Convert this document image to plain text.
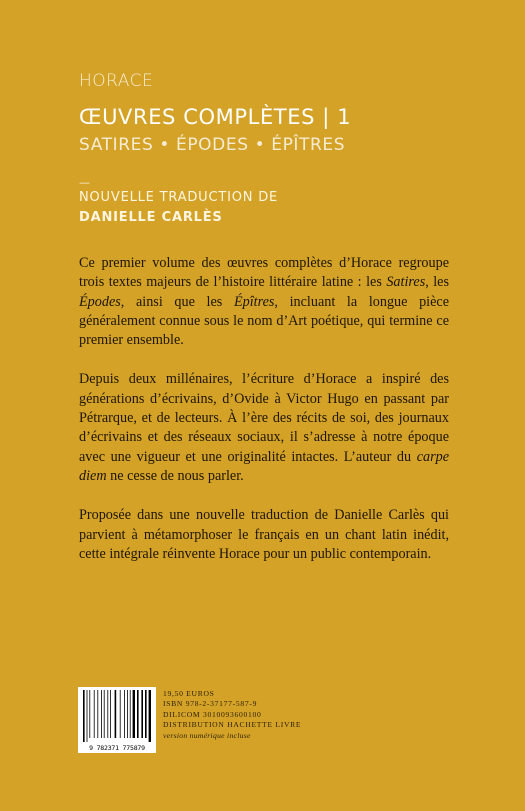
HORACE
ŒUVRES COMPLÈTES | 1
SATIRES • ÉPODES • ÉPÎTRES
—
NOUVELLE TRADUCTION DE
DANIELLE CARLÈS

Ce premier volume des œuvres complètes d’Horace regroupe trois textes majeurs de l’histoire littéraire latine : les Satires, les Épodes, ainsi que les Épîtres, incluant la longue pièce généralement connue sous le nom d’Art poétique, qui termine ce premier ensemble.

Depuis deux millénaires, l’écriture d’Horace a inspiré des générations d’écrivains, d’Ovide à Victor Hugo en passant par Pétrarque, et de lecteurs. À l’ère des récits de soi, des journaux d’écrivains et des réseaux sociaux, il s’adresse à notre époque avec une vigueur et une originalité intactes. L’auteur du carpe diem ne cesse de nous parler.

Proposée dans une nouvelle traduction de Danielle Carlès qui parvient à métamorphoser le français en un chant latin inédit, cette intégrale réinvente Horace pour un public contemporain.

9 782371 775879
19,50 EUROS
ISBN 978-2-37177-587-9
DILICOM 3010093600100
DISTRIBUTION HACHETTE LIVRE
version numérique incluse
